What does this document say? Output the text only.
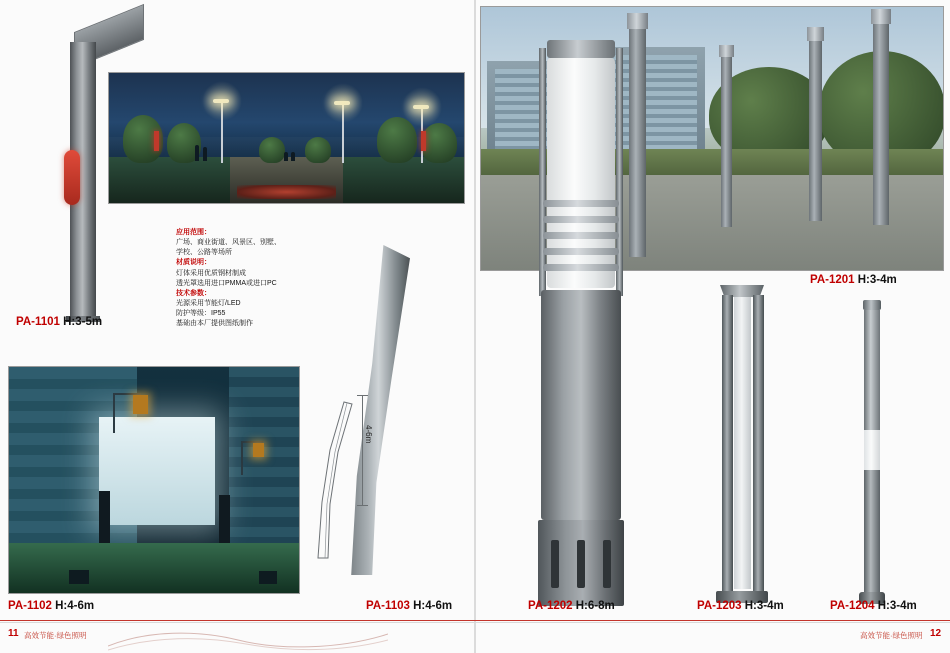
PA-1101 H:3-5m
应用范围：
广场、商业街道、风景区、别墅、
学校、公路等场所
材质说明：
灯体采用优质钢材制成
透光罩选用进口PMMA或进口PC
技术参数：
光源采用节能灯/LED
防护等级：IP55
基础由本厂提供图纸制作
PA-1102 H:4-6m
4-6m
PA-1103 H:4-6m
PA-1201 H:3-4m
PA-1202 H:6-8m	PA-1203 H:3-4m	PA-1204 H:3-4m
11 高效节能·绿色照明	高效节能·绿色照明 12
